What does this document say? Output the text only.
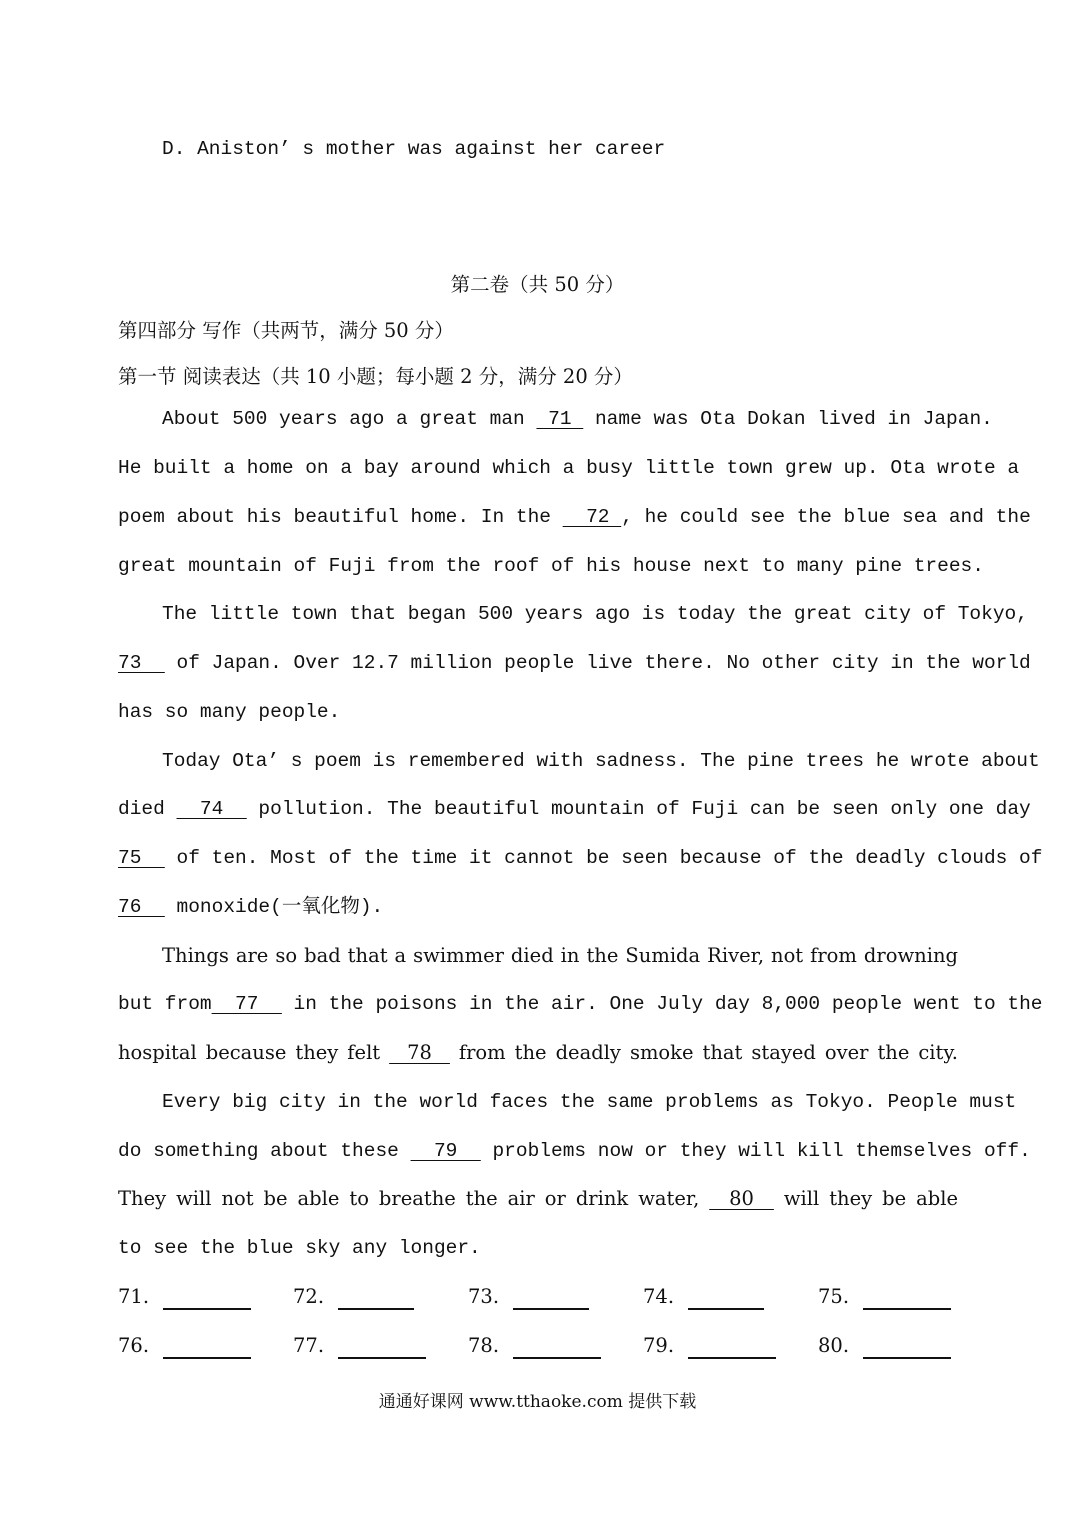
D. Aniston’ s mother was against her career
第二卷（共 50 分）
第四部分 写作（共两节，满分 50 分）
第一节 阅读表达（共 10 小题；每小题 2 分，满分 20 分）
About 500 years ago a great man  71  name was Ota Dokan lived in Japan.
He built a home on a bay around which a busy little town grew up. Ota wrote a
poem about his beautiful home. In the   72 , he could see the blue sea and the
great mountain of Fuji from the roof of his house next to many pine trees.
The little town that began 500 years ago is today the great city of Tokyo,
73   of Japan. Over 12.7 million people live there. No other city in the world
has so many people.
Today Ota’ s poem is remembered with sadness. The pine trees he wrote about
died   74   pollution. The beautiful mountain of Fuji can be seen only one day
75   of ten. Most of the time it cannot be seen because of the deadly clouds of
76   monoxide(一氧化物).
Things are so bad that a swimmer died in the Sumida River, not from drowning
but from  77   in the poisons in the air. One July day 8,000 people went to the
hospital because they felt   78   from the deadly smoke that stayed over the city.
Every big city in the world faces the same problems as Tokyo. People must
do something about these   79   problems now or they will kill themselves off.
They will not be able to breathe the air or drink water,   80   will they be able
to see the blue sky any longer.
71.	72.	73.	74.	75.
76.	77.	78.	79.	80.
通通好课网 www.tthaoke.com 提供下载
